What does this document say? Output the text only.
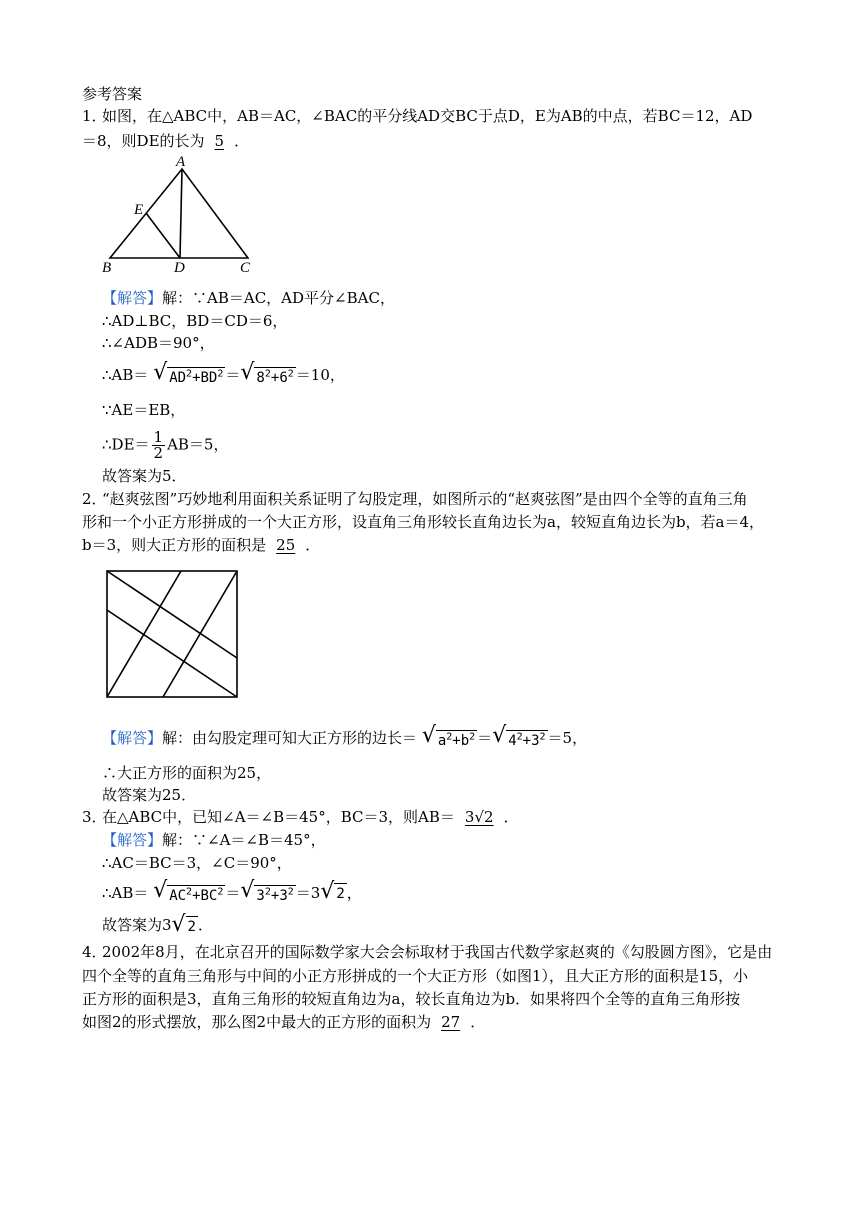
参考答案
1．
如图，在△ABC中，AB＝AC，∠BAC的平分线AD交BC于点D，E为AB的中点，若BC＝12，AD
＝8，则DE的长为 5 ．
A
E
B	D	C
【解答】解：∵AB＝AC，AD平分∠BAC，
∴AD⊥BC，BD＝CD＝6，
∴∠ADB＝90°，
∴AB＝ √ $AD^2+BD^2$ ＝ √ $8^2+6^2 =10$，
∵AE＝EB，
∴DE＝ $\frac{1}{2} AB=5$，
故答案为5．
2．
“赵爽弦图”巧妙地利用面积关系证明了勾股定理，如图所示的“赵爽弦图”是由四个全等的直角三角
形和一个小正方形拼成的一个大正方形，设直角三角形较长直角边长为a，较短直角边长为b，若a＝4，
b＝3，则大正方形的面积是 25 ．
【解答】解：由勾股定理可知大正方形的边长＝ √ $a^2+b^2$ ＝ √ $4^2+3^2 =5$，
∴大正方形的面积为25，
故答案为25．
3．
在△ABC中，已知∠A＝∠B＝45°，BC＝3，则AB＝ 3√2 ．
【解答】解：∵∠A＝∠B＝45°，
∴AC＝BC＝3，∠C＝90°，
∴AB＝ √ $AC^2+BC^2$ ＝ √ $3^2+3^2 =3$ √ 2 ，
故答案为3 √ 2 ．
4．
2002年8月，在北京召开的国际数学家大会会标取材于我国古代数学家赵爽的《勾股圆方图》，它是由
四个全等的直角三角形与中间的小正方形拼成的一个大正方形（如图1），且大正方形的面积是15，小
正方形的面积是3，直角三角形的较短直角边为a，较长直角边为b．如果将四个全等的直角三角形按
如图2的形式摆放，那么图2中最大的正方形的面积为 27 ．
